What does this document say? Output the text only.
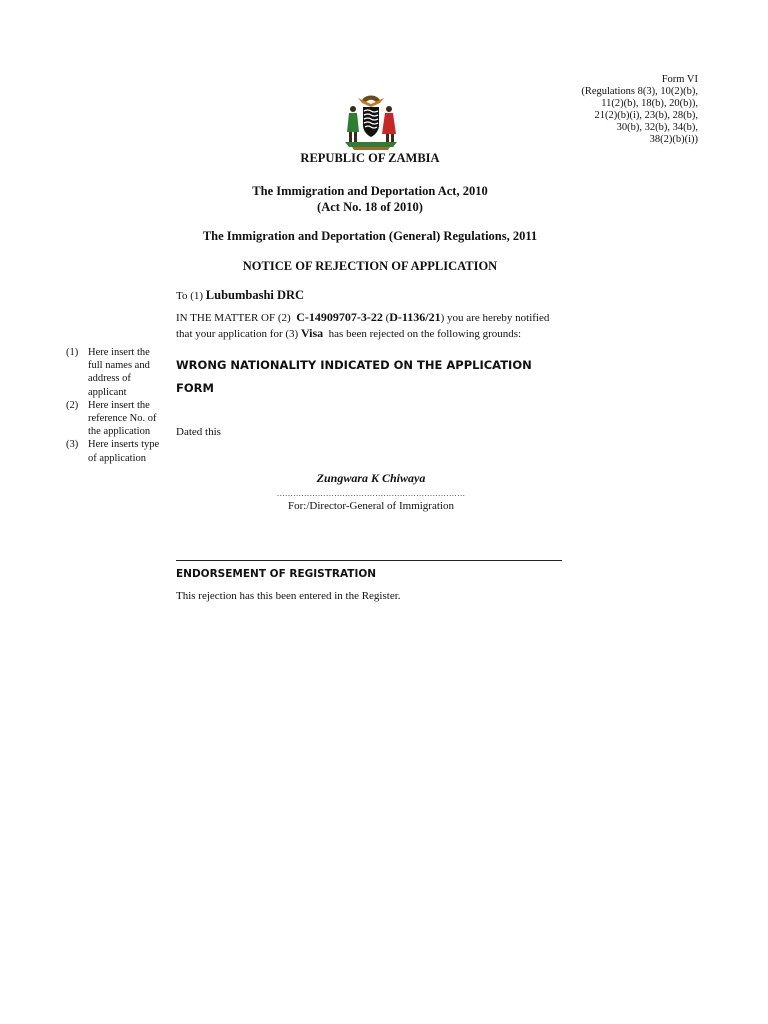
Form VI
(Regulations 8(3), 10(2)(b),
11(2)(b), 18(b), 20(b)),
21(2)(b)(i), 23(b), 28(b),
30(b), 32(b), 34(b),
38(2)(b)(i))
REPUBLIC OF ZAMBIA
The Immigration and Deportation Act, 2010
(Act No. 18 of 2010)
The Immigration and Deportation (General) Regulations, 2011
NOTICE OF REJECTION OF APPLICATION
To (1) Lubumbashi DRC
IN THE MATTER OF (2) C-14909707-3-22 (D-1136/21) you are hereby notified
that your application for (3) Visa has been rejected on the following grounds:
WRONG NATIONALITY INDICATED ON THE APPLICATION FORM
Dated this
Zungwara K Chiwaya
……………………………………………………………
For:/Director-General of Immigration
ENDORSEMENT OF REGISTRATION
This rejection has this been entered in the Register.
(1) Here insert the full names and address of applicant
(2) Here insert the reference No. of the application
(3) Here inserts type of application
